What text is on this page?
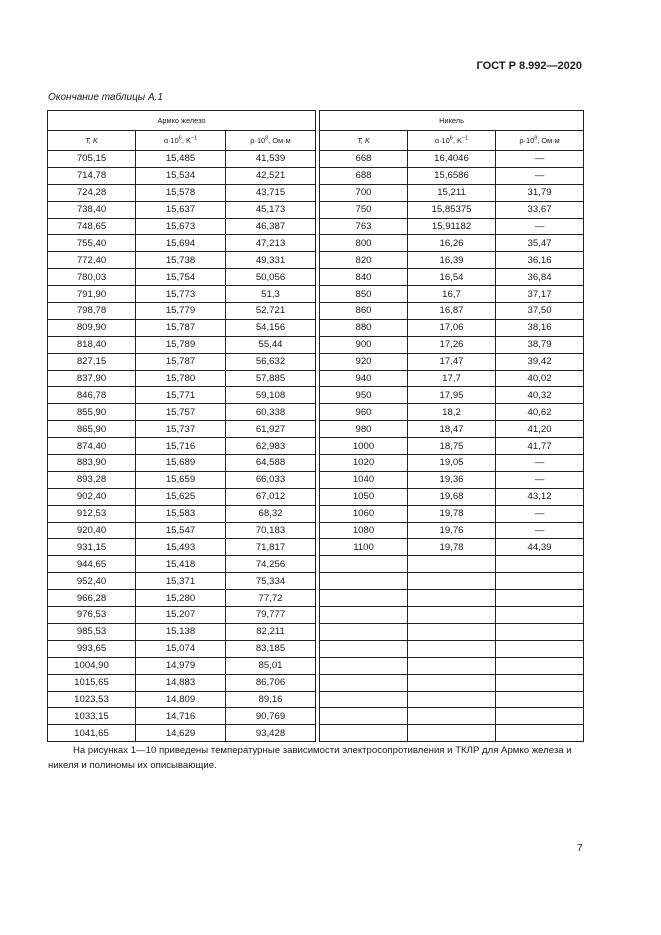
ГОСТ Р 8.992—2020
Окончание таблицы А.1
Армко железо				Никель		
T, K	$\alpha\cdot 10^6$, $K^{-1}$	$\rho\cdot 10^8$, Ом·м		T, K	$\alpha\cdot 10^6$, $K^{-1}$	$\rho\cdot 10^8$, Ом·м
705,15	15,485	41,539		668	16,4046	—
714,78	15,534	42,521		688	15,6586	—
724,28	15,578	43,715		700	15,211	31,79
738,40	15,637	45,173		750	15,85375	33,67
748,65	15,673	46,387		763	15,91182	—
755,40	15,694	47,213		800	16,26	35,47
772,40	15,738	49,331		820	16,39	36,16
780,03	15,754	50,056		840	16,54	36,84
791,90	15,773	51,3		850	16,7	37,17
798,78	15,779	52,721		860	16,87	37,50
809,90	15,787	54,156		880	17,06	38,16
818,40	15,789	55,44		900	17,26	38,79
827,15	15,787	56,632		920	17,47	39,42
837,90	15,780	57,885		940	17,7	40,02
846,78	15,771	59,108		950	17,95	40,32
855,90	15,757	60,338		960	18,2	40,62
865,90	15,737	61,927		980	18,47	41,20
874,40	15,716	62,983		1000	18,75	41,77
883,90	15,689	64,588		1020	19,05	—
893,28	15,659	66,033		1040	19,36	—
902,40	15,625	67,012		1050	19,68	43,12
912,53	15,583	68,32		1060	19,78	—
920,40	15,547	70,183		1080	19,76	—
931,15	15,493	71,817		1100	19,78	44,39
944,65	15,418	74,256				
952,40	15,371	75,334				
966,28	15,280	77,72				
976,53	15,207	79,777				
985,53	15,138	82,211				
993,65	15,074	83,185				
1004,90	14,979	85,01				
1015,65	14,883	86,706				
1023,53	14,809	89,16				
1033,15	14,716	90,769				
1041,65	14,629	93,428				
На рисунках 1—10 приведены температурные зависимости электросопротивления и ТКЛР для Армко железа и никеля и полиномы их описывающие.
7
